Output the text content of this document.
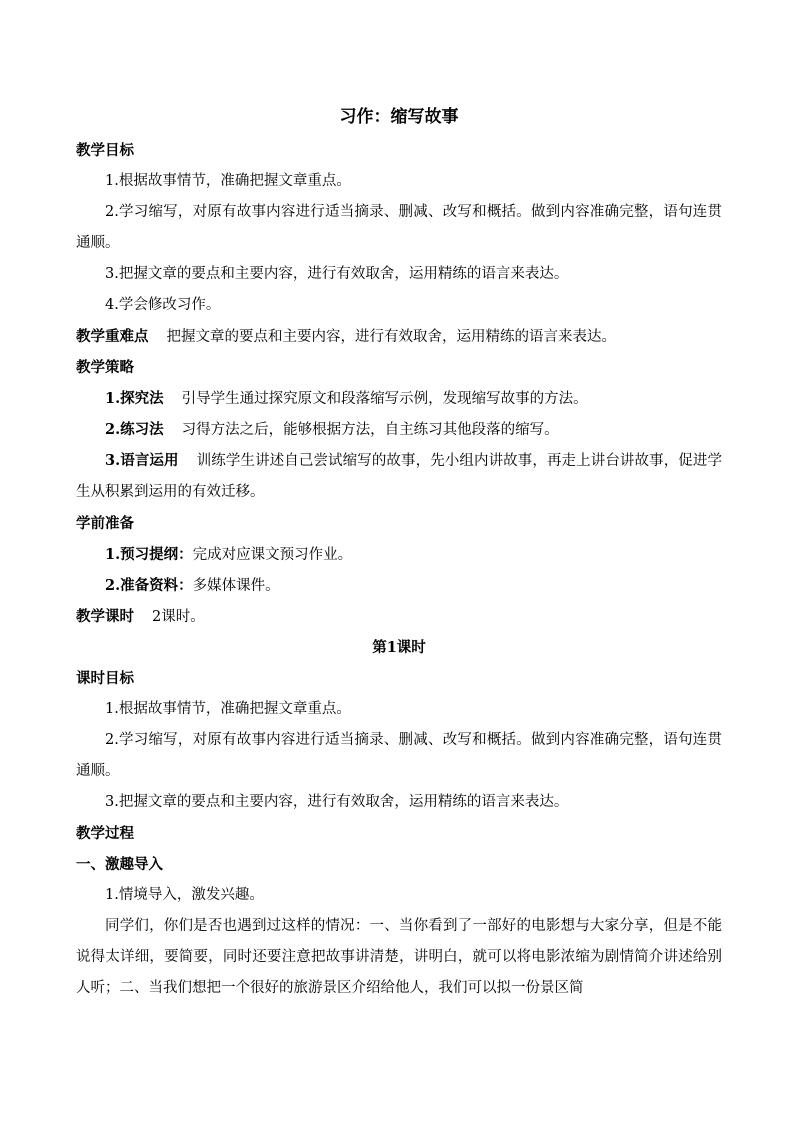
习作：缩写故事
教学目标
1.根据故事情节，准确把握文章重点。
2.学习缩写，对原有故事内容进行适当摘录、删减、改写和概括。做到内容准确完整，语句连贯通顺。
3.把握文章的要点和主要内容，进行有效取舍，运用精练的语言来表达。
4.学会修改习作。
教学重难点 把握文章的要点和主要内容，进行有效取舍，运用精练的语言来表达。
教学策略
1.探究法 引导学生通过探究原文和段落缩写示例，发现缩写故事的方法。
2.练习法 习得方法之后，能够根据方法，自主练习其他段落的缩写。
3.语言运用 训练学生讲述自己尝试缩写的故事，先小组内讲故事，再走上讲台讲故事，促进学生从积累到运用的有效迁移。
学前准备
1.预习提纲：完成对应课文预习作业。
2.准备资料：多媒体课件。
教学课时 2课时。
第1课时
课时目标
1.根据故事情节，准确把握文章重点。
2.学习缩写，对原有故事内容进行适当摘录、删减、改写和概括。做到内容准确完整，语句连贯通顺。
3.把握文章的要点和主要内容，进行有效取舍，运用精练的语言来表达。
教学过程
一、激趣导入
1.情境导入，激发兴趣。
同学们，你们是否也遇到过这样的情况：一、当你看到了一部好的电影想与大家分享，但是不能说得太详细，要简要，同时还要注意把故事讲清楚，讲明白，就可以将电影浓缩为剧情简介讲述给别人听；二、当我们想把一个很好的旅游景区介绍给他人，我们可以拟一份景区简
